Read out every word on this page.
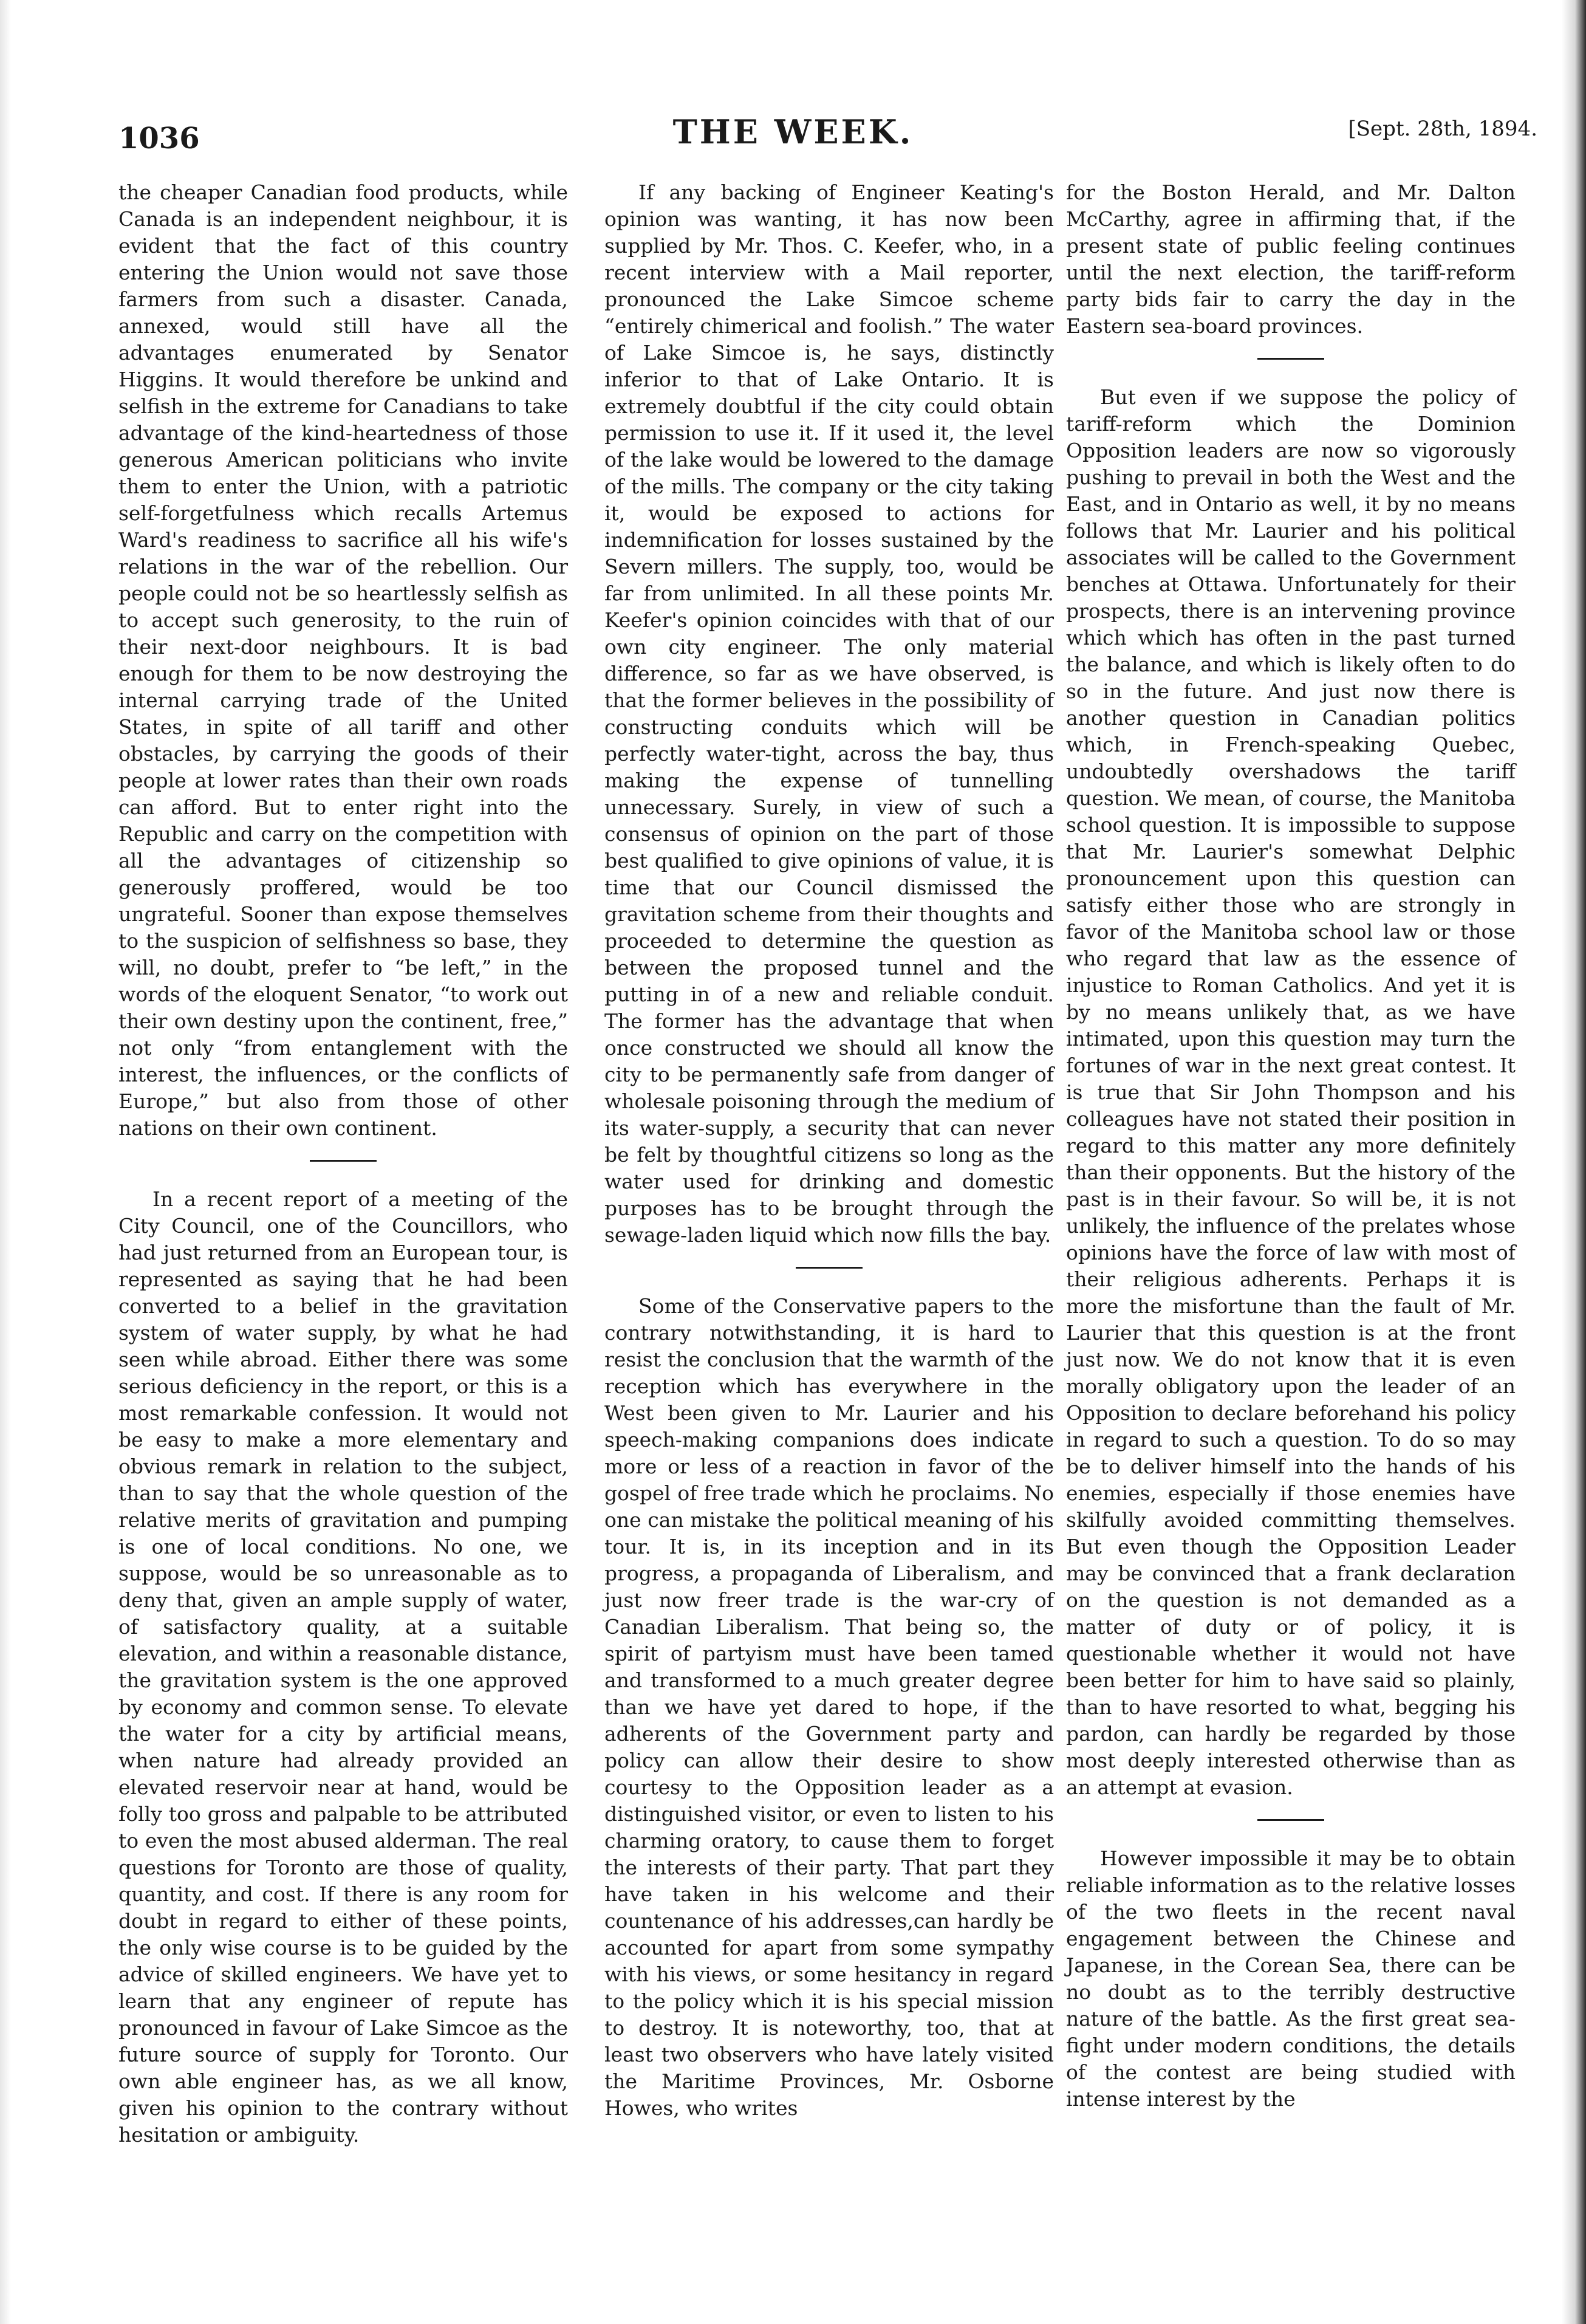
1036	THE WEEK.	[Sept. 28th, 1894.

the cheaper Canadian food products, while Canada is an independent neighbour, it is evident that the fact of this country entering the Union would not save those farmers from such a disaster. Canada, annexed, would still have all the advantages enumerated by Senator Higgins. It would therefore be unkind and selfish in the extreme for Canadians to take advantage of the kind-heartedness of those generous American politicians who invite them to enter the Union, with a patriotic self-forgetfulness which recalls Artemus Ward's readiness to sacrifice all his wife's relations in the war of the rebellion. Our people could not be so heartlessly selfish as to accept such generosity, to the ruin of their next-door neighbours. It is bad enough for them to be now destroying the internal carrying trade of the United States, in spite of all tariff and other obstacles, by carrying the goods of their people at lower rates than their own roads can afford. But to enter right into the Republic and carry on the competition with all the advantages of citizenship so generously proffered, would be too ungrateful. Sooner than expose themselves to the suspicion of selfishness so base, they will, no doubt, prefer to “be left,” in the words of the eloquent Senator, “to work out their own destiny upon the continent, free,” not only “from entanglement with the interest, the influences, or the conflicts of Europe,” but also from those of other nations on their own continent.

In a recent report of a meeting of the City Council, one of the Councillors, who had just returned from an European tour, is represented as saying that he had been converted to a belief in the gravitation system of water supply, by what he had seen while abroad. Either there was some serious deficiency in the report, or this is a most remarkable confession. It would not be easy to make a more elementary and obvious remark in relation to the subject, than to say that the whole question of the relative merits of gravitation and pumping is one of local conditions. No one, we suppose, would be so unreasonable as to deny that, given an ample supply of water, of satisfactory quality, at a suitable elevation, and within a reasonable distance, the gravitation system is the one approved by economy and common sense. To elevate the water for a city by artificial means, when nature had already provided an elevated reservoir near at hand, would be folly too gross and palpable to be attributed to even the most abused alderman. The real questions for Toronto are those of quality, quantity, and cost. If there is any room for doubt in regard to either of these points, the only wise course is to be guided by the advice of skilled engineers. We have yet to learn that any engineer of repute has pronounced in favour of Lake Simcoe as the future source of supply for Toronto. Our own able engineer has, as we all know, given his opinion to the contrary without hesitation or ambiguity.

If any backing of Engineer Keating's opinion was wanting, it has now been supplied by Mr. Thos. C. Keefer, who, in a recent interview with a Mail reporter, pronounced the Lake Simcoe scheme “entirely chimerical and foolish.” The water of Lake Simcoe is, he says, distinctly inferior to that of Lake Ontario. It is extremely doubtful if the city could obtain permission to use it. If it used it, the level of the lake would be lowered to the damage of the mills. The company or the city taking it, would be exposed to actions for indemnification for losses sustained by the Severn millers. The supply, too, would be far from unlimited. In all these points Mr. Keefer's opinion coincides with that of our own city engineer. The only material difference, so far as we have observed, is that the former believes in the possibility of constructing conduits which will be perfectly water-tight, across the bay, thus making the expense of tunnelling unnecessary. Surely, in view of such a consensus of opinion on the part of those best qualified to give opinions of value, it is time that our Council dismissed the gravitation scheme from their thoughts and proceeded to determine the question as between the proposed tunnel and the putting in of a new and reliable conduit. The former has the advantage that when once constructed we should all know the city to be permanently safe from danger of wholesale poisoning through the medium of its water-supply, a security that can never be felt by thoughtful citizens so long as the water used for drinking and domestic purposes has to be brought through the sewage-laden liquid which now fills the bay.

Some of the Conservative papers to the contrary notwithstanding, it is hard to resist the conclusion that the warmth of the reception which has everywhere in the West been given to Mr. Laurier and his speech-making companions does indicate more or less of a reaction in favor of the gospel of free trade which he proclaims. No one can mistake the political meaning of his tour. It is, in its inception and in its progress, a propaganda of Liberalism, and just now freer trade is the war-cry of Canadian Liberalism. That being so, the spirit of partyism must have been tamed and transformed to a much greater degree than we have yet dared to hope, if the adherents of the Government party and policy can allow their desire to show courtesy to the Opposition leader as a distinguished visitor, or even to listen to his charming oratory, to cause them to forget the interests of their party. That part they have taken in his welcome and their countenance of his addresses,can hardly be accounted for apart from some sympathy with his views, or some hesitancy in regard to the policy which it is his special mission to destroy. It is noteworthy, too, that at least two observers who have lately visited the Maritime Provinces, Mr. Osborne Howes, who writes

for the Boston Herald, and Mr. Dalton McCarthy, agree in affirming that, if the present state of public feeling continues until the next election, the tariff-reform party bids fair to carry the day in the Eastern sea-board provinces.

But even if we suppose the policy of tariff-reform which the Dominion Opposition leaders are now so vigorously pushing to prevail in both the West and the East, and in Ontario as well, it by no means follows that Mr. Laurier and his political associates will be called to the Government benches at Ottawa. Unfortunately for their prospects, there is an intervening province which which has often in the past turned the balance, and which is likely often to do so in the future. And just now there is another question in Canadian politics which, in French-speaking Quebec, undoubtedly overshadows the tariff question. We mean, of course, the Manitoba school question. It is impossible to suppose that Mr. Laurier's somewhat Delphic pronouncement upon this question can satisfy either those who are strongly in favor of the Manitoba school law or those who regard that law as the essence of injustice to Roman Catholics. And yet it is by no means unlikely that, as we have intimated, upon this question may turn the fortunes of war in the next great contest. It is true that Sir John Thompson and his colleagues have not stated their position in regard to this matter any more definitely than their opponents. But the history of the past is in their favour. So will be, it is not unlikely, the influence of the prelates whose opinions have the force of law with most of their religious adherents. Perhaps it is more the misfortune than the fault of Mr. Laurier that this question is at the front just now. We do not know that it is even morally obligatory upon the leader of an Opposition to declare beforehand his policy in regard to such a question. To do so may be to deliver himself into the hands of his enemies, especially if those enemies have skilfully avoided committing themselves. But even though the Opposition Leader may be convinced that a frank declaration on the question is not demanded as a matter of duty or of policy, it is questionable whether it would not have been better for him to have said so plainly, than to have resorted to what, begging his pardon, can hardly be regarded by those most deeply interested otherwise than as an attempt at evasion.

However impossible it may be to obtain reliable information as to the relative losses of the two fleets in the recent naval engagement between the Chinese and Japanese, in the Corean Sea, there can be no doubt as to the terribly destructive nature of the battle. As the first great sea-fight under modern conditions, the details of the contest are being studied with intense interest by the
